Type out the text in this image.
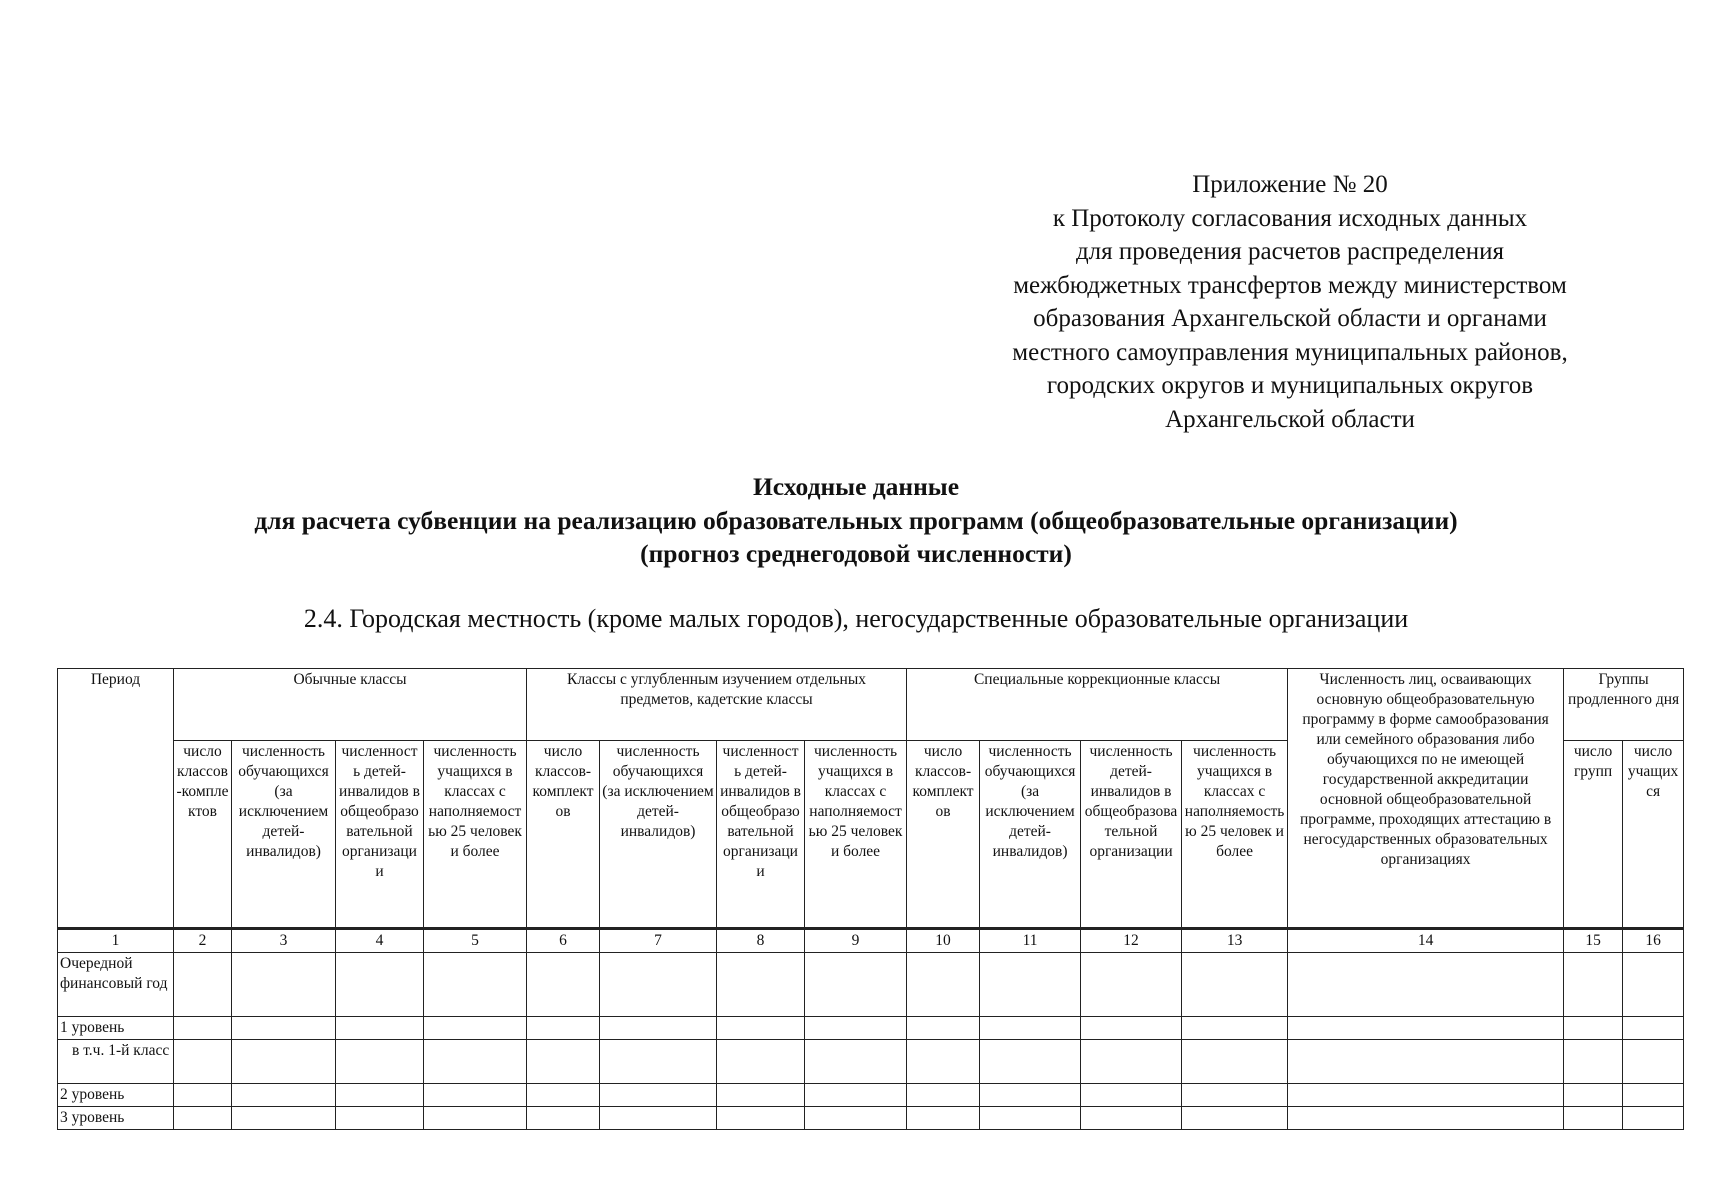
Приложение № 20
к Протоколу согласования исходных данных
для проведения расчетов распределения
межбюджетных трансфертов между министерством
образования Архангельской области и органами
местного самоуправления муниципальных районов,
городских округов и муниципальных округов
Архангельской области
Исходные данные
для расчета субвенции на реализацию образовательных программ (общеобразовательные организации)
(прогноз среднегодовой численности)
2.4. Городская местность (кроме малых городов), негосударственные образовательные организации
Период	Обычные классы				Классы с углубленным изучением отдельных предметов, кадетские классы				Специальные коррекционные классы				Численность лиц, осваивающих основную общеобразовательную программу в форме самообразования или семейного образования либо обучающихся по не имеющей государственной аккредитации основной общеобразовательной программе, проходящих аттестацию в негосударственных образовательных организациях	Группы продленного дня	
	число классов-комплектов	численность обучающихся (за исключением детей-инвалидов)	численность детей-инвалидов в общеобразовательной организации	численность учащихся в классах с наполняемостью 25 человек и более	число классов-комплектов	численность обучающихся (за исключением детей-инвалидов)	численность детей-инвалидов в общеобразовательной организации	численность учащихся в классах с наполняемостью 25 человек и более	число классов-комплектов	численность обучающихся (за исключением детей-инвалидов)	численность детей-инвалидов в общеобразовательной организации	численность учащихся в классах с наполняемостью 25 человек и более		число групп	число учащихся
1	2	3	4	5	6	7	8	9	10	11	12	13	14	15	16
Очередной финансовый год															
1 уровень															
в т.ч. 1-й класс															
2 уровень															
3 уровень															
